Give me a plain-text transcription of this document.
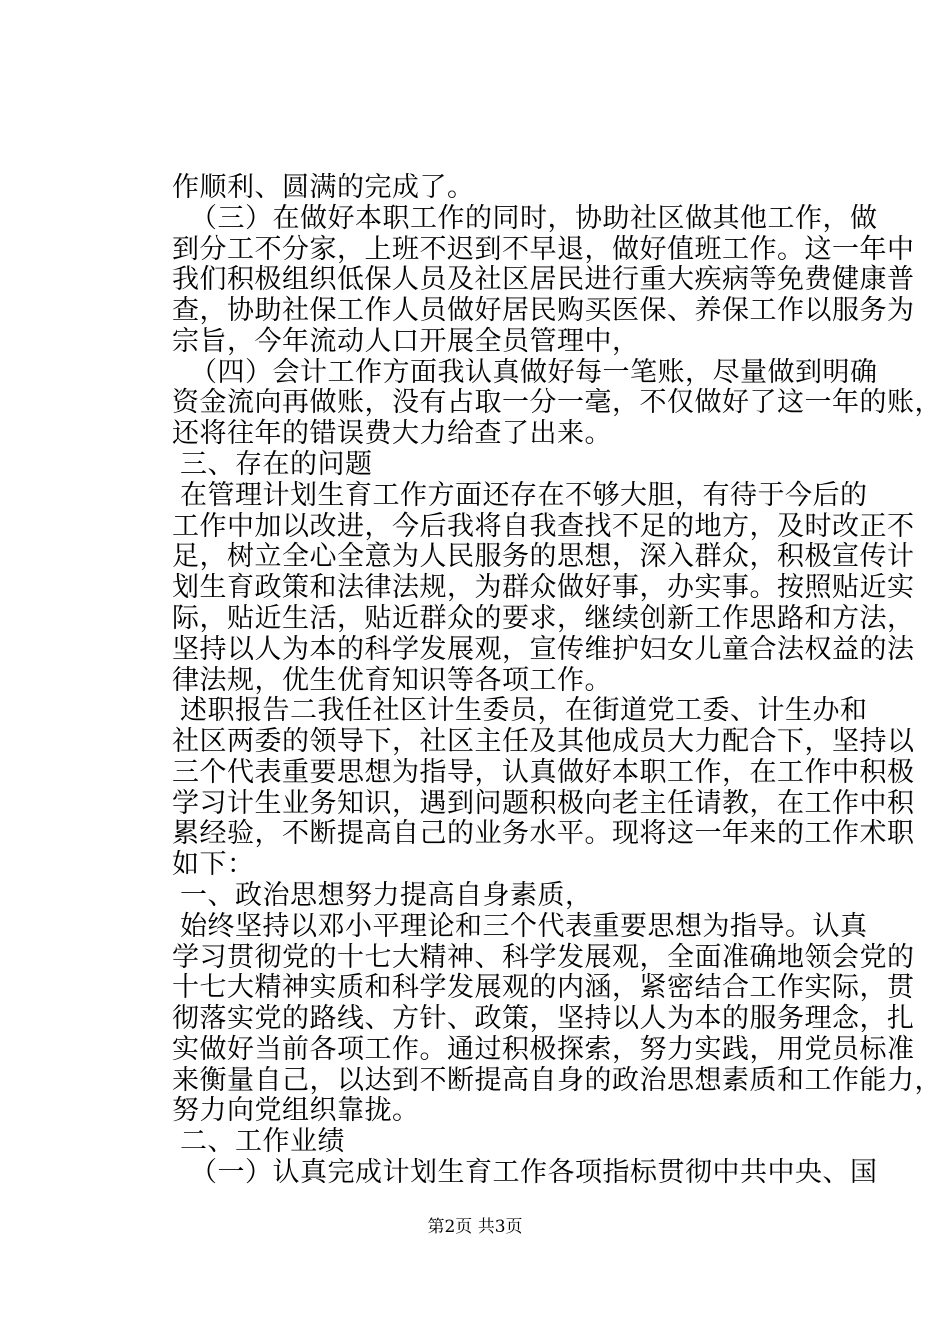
作顺利、圆满的完成了。
（三）在做好本职工作的同时，协助社区做其他工作，做
到分工不分家，上班不迟到不早退，做好值班工作。这一年中
我们积极组织低保人员及社区居民进行重大疾病等免费健康普
查，协助社保工作人员做好居民购买医保、养保工作以服务为
宗旨，今年流动人口开展全员管理中，
（四）会计工作方面我认真做好每一笔账，尽量做到明确
资金流向再做账，没有占取一分一毫，不仅做好了这一年的账，
还将往年的错误费大力给查了出来。
三、存在的问题
在管理计划生育工作方面还存在不够大胆，有待于今后的
工作中加以改进，今后我将自我查找不足的地方，及时改正不
足，树立全心全意为人民服务的思想，深入群众，积极宣传计
划生育政策和法律法规，为群众做好事，办实事。按照贴近实
际，贴近生活，贴近群众的要求，继续创新工作思路和方法，
坚持以人为本的科学发展观，宣传维护妇女儿童合法权益的法
律法规，优生优育知识等各项工作。
述职报告二我任社区计生委员，在街道党工委、计生办和
社区两委的领导下，社区主任及其他成员大力配合下，坚持以
三个代表重要思想为指导，认真做好本职工作，在工作中积极
学习计生业务知识，遇到问题积极向老主任请教，在工作中积
累经验，不断提高自己的业务水平。现将这一年来的工作术职
如下：
一、政治思想努力提高自身素质，
始终坚持以邓小平理论和三个代表重要思想为指导。认真
学习贯彻党的十七大精神、科学发展观，全面准确地领会党的
十七大精神实质和科学发展观的内涵，紧密结合工作实际，贯
彻落实党的路线、方针、政策，坚持以人为本的服务理念，扎
实做好当前各项工作。通过积极探索，努力实践，用党员标准
来衡量自己，以达到不断提高自身的政治思想素质和工作能力，
努力向党组织靠拢。
二、工作业绩
（一）认真完成计划生育工作各项指标贯彻中共中央、国
第2页 共3页
